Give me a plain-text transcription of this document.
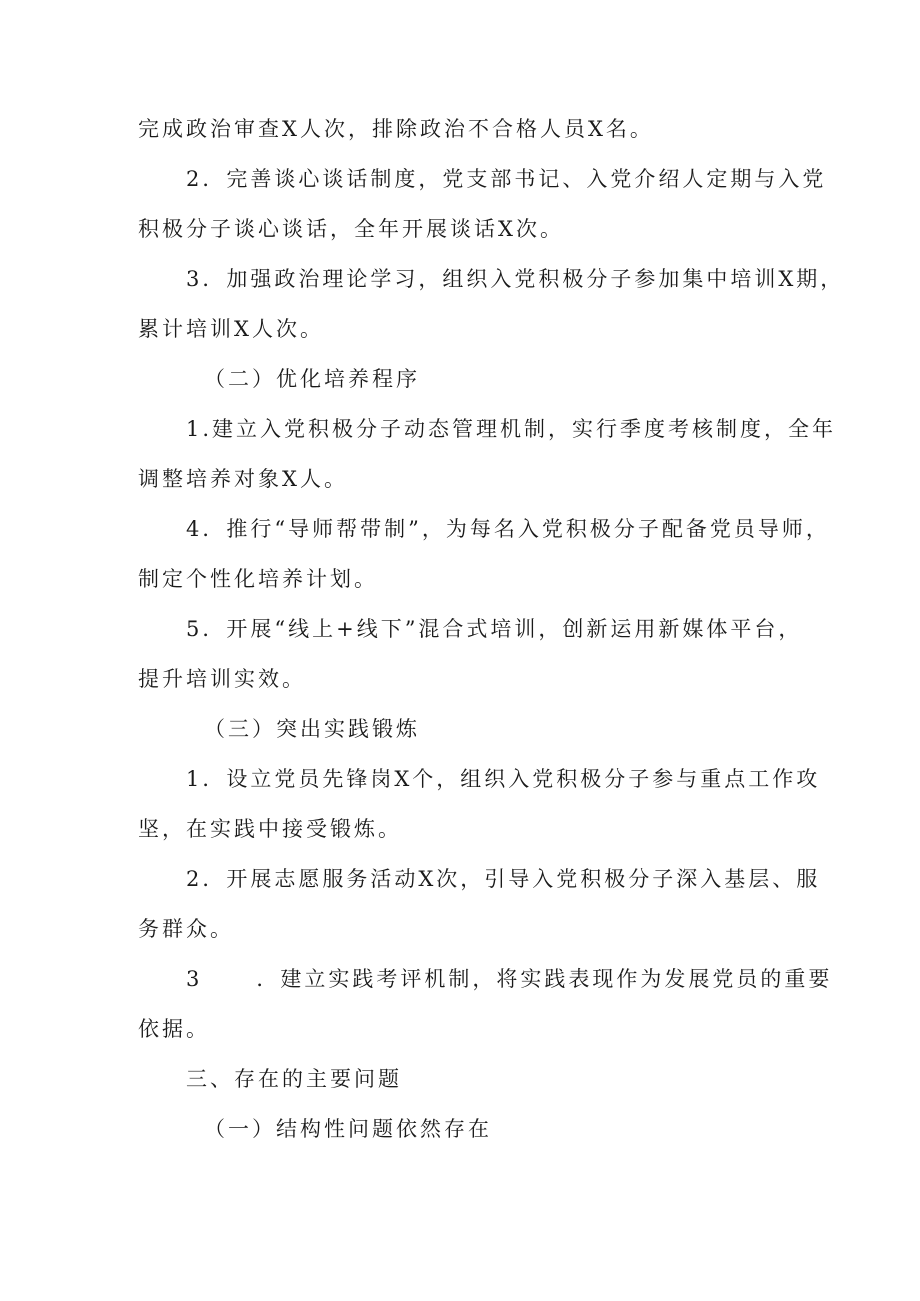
完成政治审查X人次，排除政治不合格人员X名。
2．完善谈心谈话制度，党支部书记、入党介绍人定期与入党
积极分子谈心谈话，全年开展谈话X次。
3．加强政治理论学习，组织入党积极分子参加集中培训X期，
累计培训X人次。
（二）优化培养程序
1.建立入党积极分子动态管理机制，实行季度考核制度，全年
调整培养对象X人。
4．推行“导师帮带制”，为每名入党积极分子配备党员导师，
制定个性化培养计划。
5．开展“线上+线下”混合式培训，创新运用新媒体平台，
提升培训实效。
（三）突出实践锻炼
1．设立党员先锋岗X个，组织入党积极分子参与重点工作攻
坚，在实践中接受锻炼。
2．开展志愿服务活动X次，引导入党积极分子深入基层、服
务群众。
3	．建立实践考评机制，将实践表现作为发展党员的重要
依据。
三、存在的主要问题
（一）结构性问题依然存在
